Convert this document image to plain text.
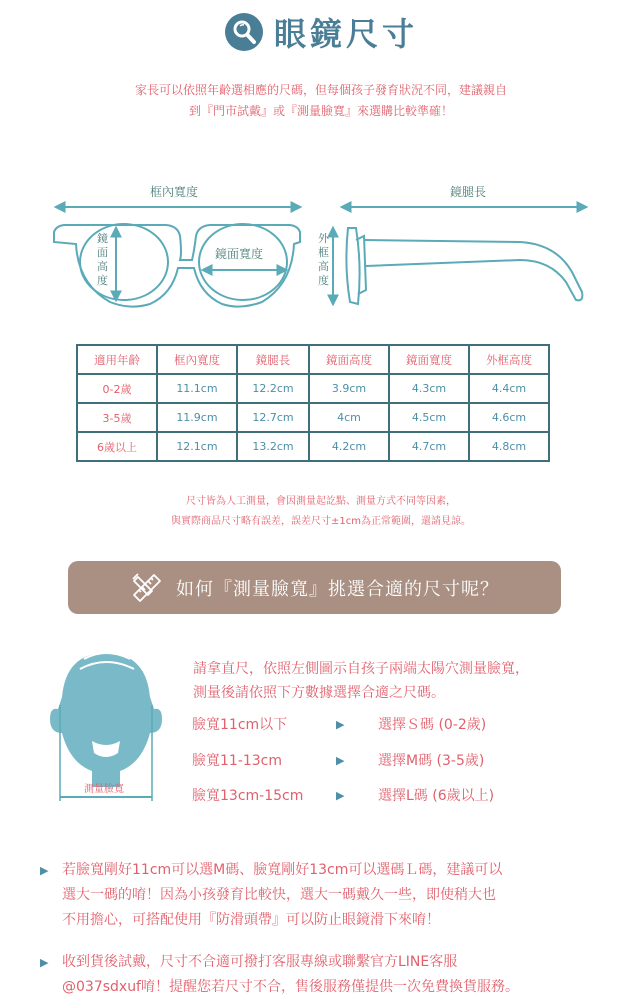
眼鏡尺寸
家長可以依照年齡選相應的尺碼，但每個孩子發育狀況不同，建議親自
到『門市試戴』或『測量臉寬』來選購比較準確！
框內寬度	鏡腿長
鏡面高度
鏡面寬度
外框高度
適用年齡	框內寬度	鏡腿長	鏡面高度	鏡面寬度	外框高度
0-2歲	11.1cm	12.2cm	3.9cm	4.3cm	4.4cm
3-5歲	11.9cm	12.7cm	4cm	4.5cm	4.6cm
6歲以上	12.1cm	13.2cm	4.2cm	4.7cm	4.8cm
尺寸皆為人工測量，會因測量起訖點、測量方式不同等因素，
與實際商品尺寸略有誤差，誤差尺寸±1cm為正常範圍，還請見諒。
如何『測量臉寬』挑選合適的尺寸呢？
測量臉寬
請拿直尺，依照左側圖示自孩子兩端太陽穴測量臉寬，
測量後請依照下方數據選擇合適之尺碼。
臉寬11cm以下	▶ 選擇Ｓ碼 (0-2歲)
臉寬11-13cm	▶ 選擇M碼 (3-5歲)
臉寬13cm-15cm	▶ 選擇L碼 (6歲以上)
▶ 若臉寬剛好11cm可以選M碼、臉寬剛好13cm可以選碼Ｌ碼，建議可以
選大一碼的唷！因為小孩發育比較快，選大一碼戴久一些，即使稍大也
不用擔心，可搭配使用『防滑頭帶』可以防止眼鏡滑下來唷！
▶ 收到貨後試戴，尺寸不合適可撥打客服專線或聯繫官方LINE客服
@037sdxuf唷！提醒您若尺寸不合，售後服務僅提供一次免費換貨服務。
